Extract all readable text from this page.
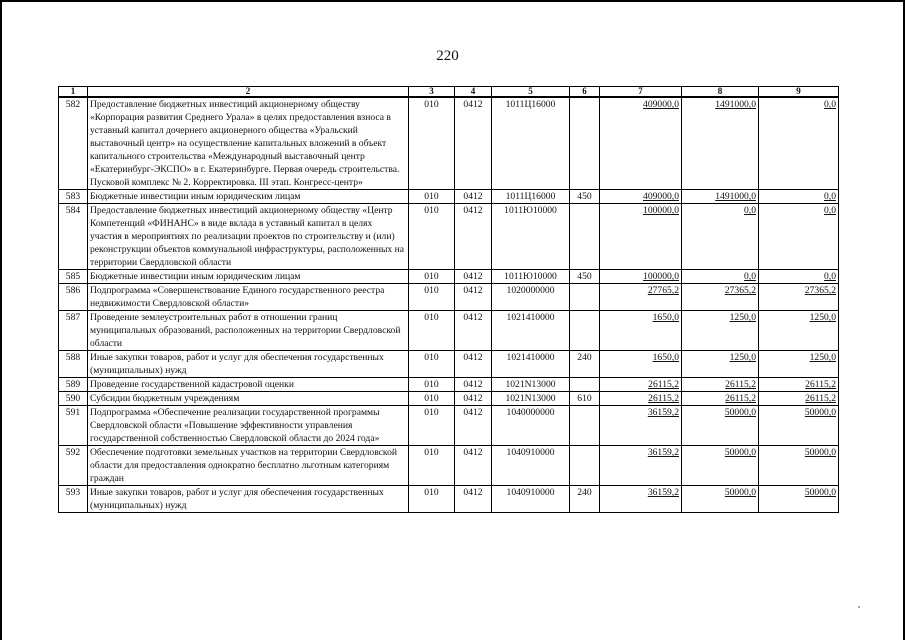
220
1	2	3	4	5	6	7	8	9
582	Предоставление бюджетных инвестиций акционерному обществу «Корпорация развития Среднего Урала» в целях предоставления взноса в уставный капитал дочернего акционерного общества «Уральский выставочный центр» на осуществление капитальных вложений в объект капитального строительства «Международный выставочный центр «Екатеринбург-ЭКСПО» в г. Екатеринбурге. Первая очередь строительства. Пусковой комплекс № 2. Корректировка. III этап. Конгресс-центр»	010	0412	1011Ц16000		409000,0	1491000,0	0,0
583	Бюджетные инвестиции иным юридическим лицам	010	0412	1011Ц16000	450	409000,0	1491000,0	0,0
584	Предоставление бюджетных инвестиций акционерному обществу «Центр Компетенций «ФИНАНС» в виде вклада в уставный капитал в целях участия в мероприятиях по реализации проектов по строительству и (или) реконструкции объектов коммунальной инфраструктуры, расположенных на территории Свердловской области	010	0412	1011Ю10000		100000,0	0,0	0,0
585	Бюджетные инвестиции иным юридическим лицам	010	0412	1011Ю10000	450	100000,0	0,0	0,0
586	Подпрограмма «Совершенствование Единого государственного реестра недвижимости Свердловской области»	010	0412	1020000000		27765,2	27365,2	27365,2
587	Проведение землеустроительных работ в отношении границ муниципальных образований, расположенных на территории Свердловской области	010	0412	1021410000		1650,0	1250,0	1250,0
588	Иные закупки товаров, работ и услуг для обеспечения государственных (муниципальных) нужд	010	0412	1021410000	240	1650,0	1250,0	1250,0
589	Проведение государственной кадастровой оценки	010	0412	1021N13000		26115,2	26115,2	26115,2
590	Субсидии бюджетным учреждениям	010	0412	1021N13000	610	26115,2	26115,2	26115,2
591	Подпрограмма «Обеспечение реализации государственной программы Свердловской области «Повышение эффективности управления государственной собственностью Свердловской области до 2024 года»	010	0412	1040000000		36159,2	50000,0	50000,0
592	Обеспечение подготовки земельных участков на территории Свердловской области для предоставления однократно бесплатно льготным категориям граждан	010	0412	1040910000		36159,2	50000,0	50000,0
593	Иные закупки товаров, работ и услуг для обеспечения государственных (муниципальных) нужд	010	0412	1040910000	240	36159,2	50000,0	50000,0
